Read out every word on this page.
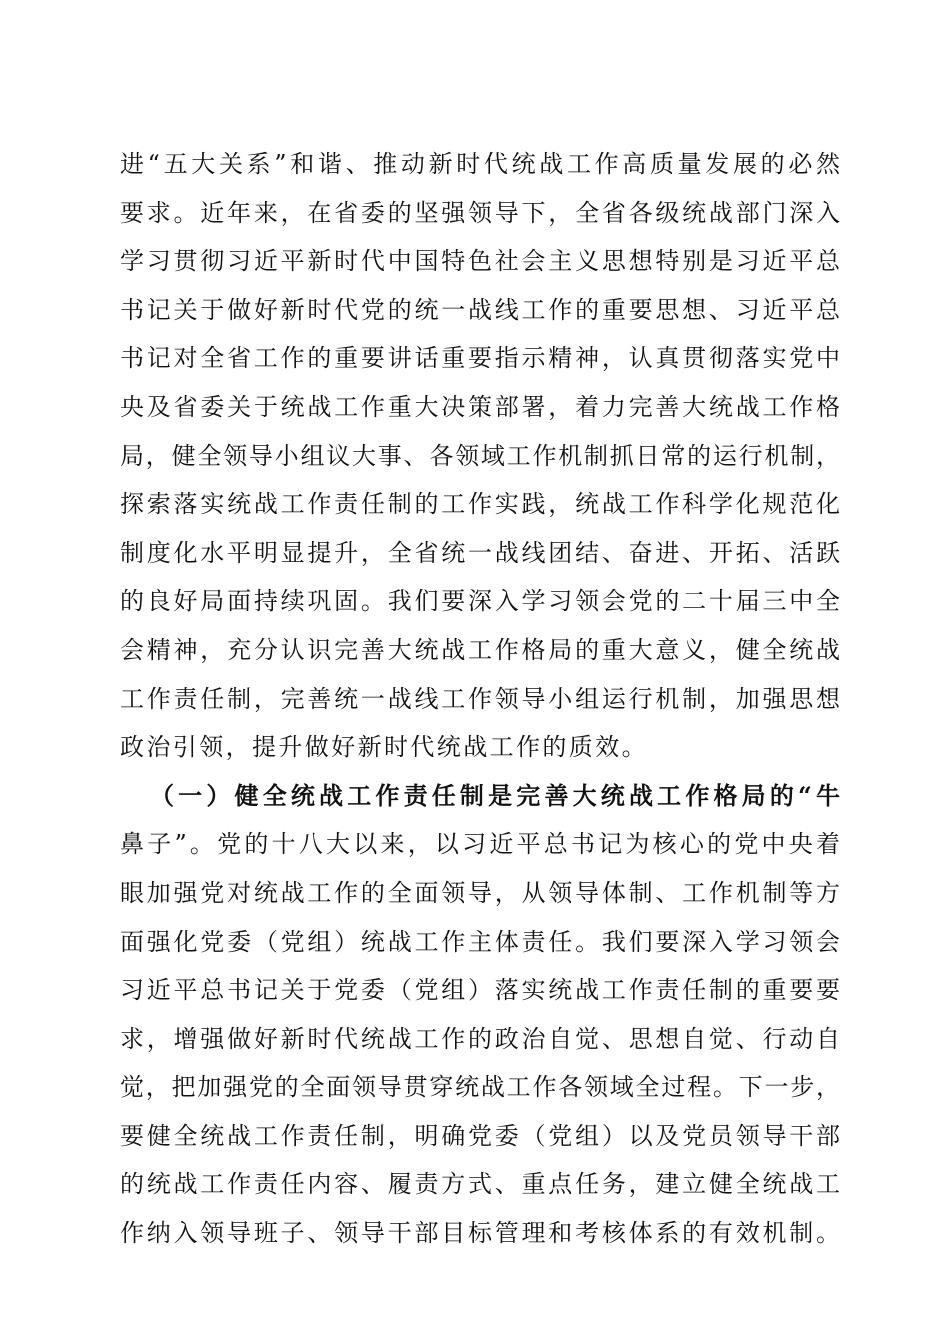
进“五大关系”和谐、推动新时代统战工作高质量发展的必然
要求。近年来，在省委的坚强领导下，全省各级统战部门深入
学习贯彻习近平新时代中国特色社会主义思想特别是习近平总
书记关于做好新时代党的统一战线工作的重要思想、习近平总
书记对全省工作的重要讲话重要指示精神，认真贯彻落实党中
央及省委关于统战工作重大决策部署，着力完善大统战工作格
局，健全领导小组议大事、各领域工作机制抓日常的运行机制，
探索落实统战工作责任制的工作实践，统战工作科学化规范化
制度化水平明显提升，全省统一战线团结、奋进、开拓、活跃
的良好局面持续巩固。我们要深入学习领会党的二十届三中全
会精神，充分认识完善大统战工作格局的重大意义，健全统战
工作责任制，完善统一战线工作领导小组运行机制，加强思想
政治引领，提升做好新时代统战工作的质效。
（一）健全统战工作责任制是完善大统战工作格局的“牛
鼻子”。党的十八大以来，以习近平总书记为核心的党中央着
眼加强党对统战工作的全面领导，从领导体制、工作机制等方
面强化党委（党组）统战工作主体责任。我们要深入学习领会
习近平总书记关于党委（党组）落实统战工作责任制的重要要
求，增强做好新时代统战工作的政治自觉、思想自觉、行动自
觉，把加强党的全面领导贯穿统战工作各领域全过程。下一步，
要健全统战工作责任制，明确党委（党组）以及党员领导干部
的统战工作责任内容、履责方式、重点任务，建立健全统战工
作纳入领导班子、领导干部目标管理和考核体系的有效机制。
